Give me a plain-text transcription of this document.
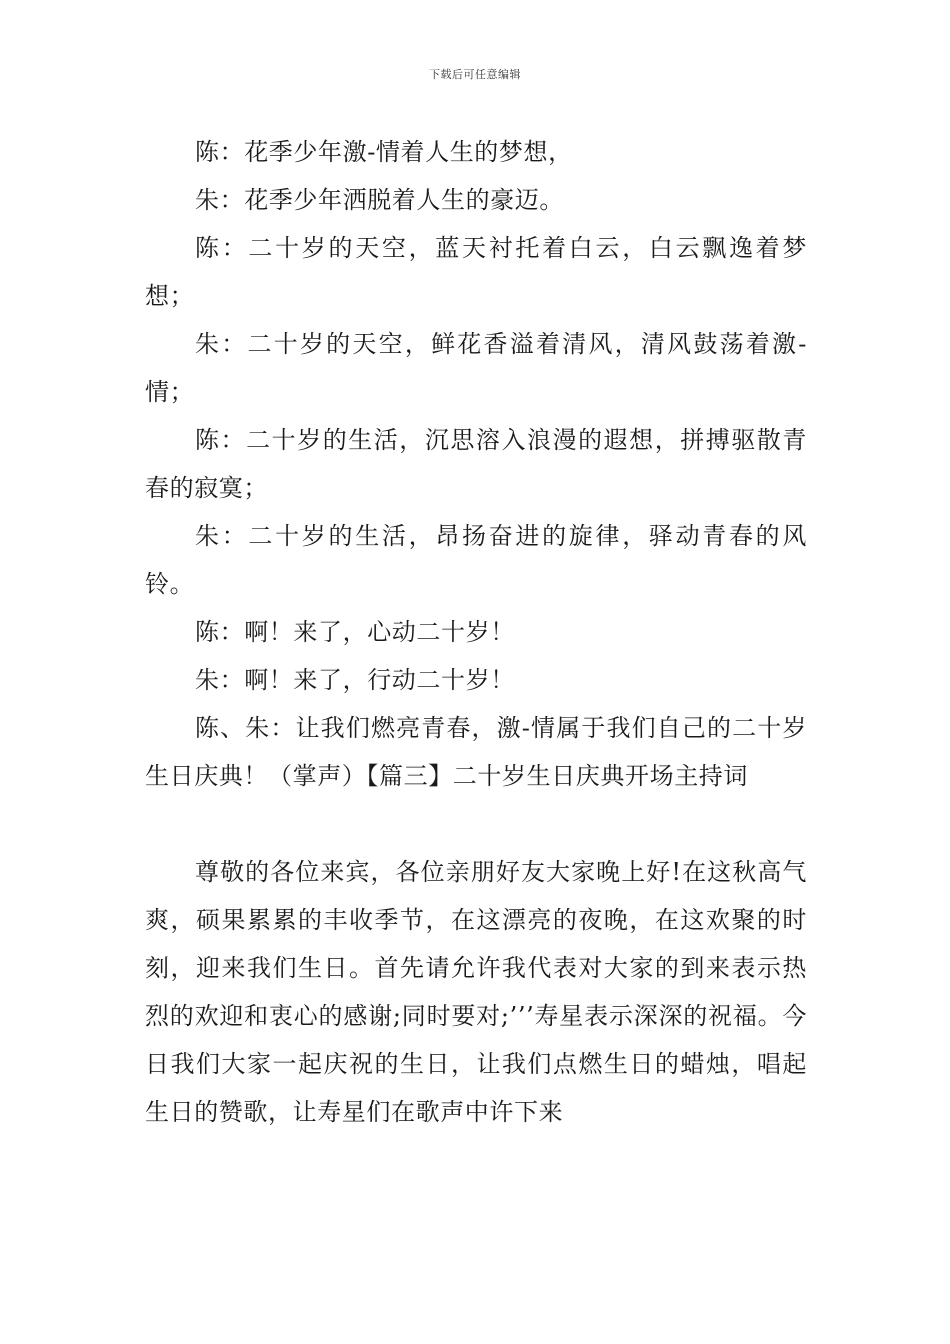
下载后可任意编辑

陈：花季少年激-情着人生的梦想，

朱：花季少年洒脱着人生的豪迈。

陈：二十岁的天空，蓝天衬托着白云，白云飘逸着梦想；

朱：二十岁的天空，鲜花香溢着清风，清风鼓荡着激-情；

陈：二十岁的生活，沉思溶入浪漫的遐想，拼搏驱散青春的寂寞；

朱：二十岁的生活，昂扬奋进的旋律，驿动青春的风铃。

陈：啊！来了，心动二十岁！

朱：啊！来了，行动二十岁！

陈、朱：让我们燃亮青春，激-情属于我们自己的二十岁生日庆典！（掌声）【篇三】二十岁生日庆典开场主持词

尊敬的各位来宾，各位亲朋好友大家晚上好!在这秋高气爽，硕果累累的丰收季节，在这漂亮的夜晚，在这欢聚的时刻，迎来我们生日。首先请允许我代表对大家的到来表示热烈的欢迎和衷心的感谢;同时要对;’’’寿星表示深深的祝福。今日我们大家一起庆祝的生日，让我们点燃生日的蜡烛，唱起生日的赞歌，让寿星们在歌声中许下来
